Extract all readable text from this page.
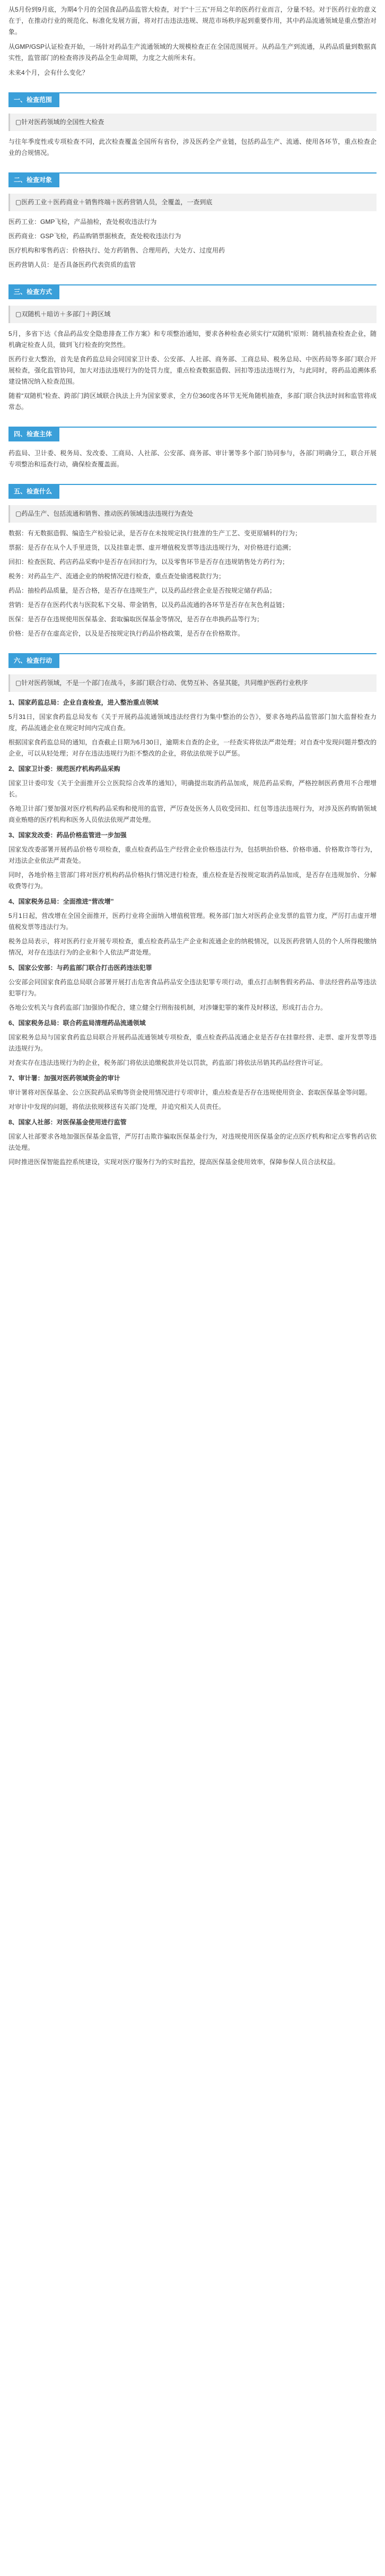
从5月份到9月底，为期4个月的全国食品药品监管大检查，对于“十三五”开局之年的医药行业而言，分量不轻。对于医药行业的意义在于，在推动行业的规范化、标准化发展方面，将对打击违法违规、规范市场秩序起到重要作用，其中药品流通领域是重点整治对象。

从GMP/GSP认证检查开始，一场针对药品生产流通领域的大规模检查正在全国范围展开。从药品生产到流通，从药品质量到数据真实性，监管部门的检查将涉及药品全生命周期，力度之大前所未有。

未来4个月，会有什么变化？

一、检查范围

▢针对医药领域的全国性大检查

与往年季度性或专项检查不同，此次检查覆盖全国所有省份，涉及医药全产业链，包括药品生产、流通、使用各环节，重点检查企业的合规情况。

二、检查对象

▢医药工业＋医药商业＋销售终端＋医药营销人员，全覆盖，一查到底

医药工业：GMP飞检，产品抽检，查处税收违法行为

医药商业：GSP飞检，药品购销票据核查，查处税收违法行为

医疗机构和零售药店：价格执行、处方药销售、合理用药，大处方、过度用药

医药营销人员：是否具备医药代表资质的监管

三、检查方式

▢双随机＋暗访＋多部门＋跨区域

5月，多省下达《食品药品安全隐患排查工作方案》和专项整治通知，要求各种检查必须实行“双随机”原则：随机抽查检查企业，随机确定检查人员，做到飞行检查的突然性。

医药行业大整治，首先是食药监总局会同国家卫计委、公安部、人社部、商务部、工商总局、税务总局、中医药局等多部门联合开展检查，强化监管协同，加大对违法违规行为的处罚力度，重点检查数据造假、回扣等违法违规行为，与此同时，将药品追溯体系建设情况纳入检查范围。

随着“双随机”检查、跨部门跨区域联合执法上升为国家要求，全方位360度各环节无死角随机抽查，多部门联合执法时间和监管将成常态。

四、检查主体

药监局、卫计委、税务局、发改委、工商局、人社部、公安部、商务部、审计署等多个部门协同参与，各部门明确分工，联合开展专项整治和巡查行动，确保检查覆盖面。

五、检查什么

▢药品生产、包括流通和销售、推动医药领域违法违规行为查处

数据：有无数据造假、编造生产检验记录，是否存在未按规定执行批准的生产工艺、变更原辅料的行为；

票据：是否存在从个人手里进货，以及挂靠走票、虚开增值税发票等违法违规行为，对价格进行追溯；

回扣：检查医院、药店药品采购中是否存在回扣行为，以及零售环节是否存在违规销售处方药行为；

税务：对药品生产、流通企业的纳税情况进行检查，重点查处偷逃税款行为；

药品：抽检药品质量，是否合格，是否存在违规生产，以及药品经营企业是否按规定储存药品；

营销：是否存在医药代表与医院私下交易、带金销售，以及药品流通的各环节是否存在灰色利益链；

医保：是否存在违规使用医保基金、套取骗取医保基金等情况，是否存在串换药品等行为；

价格：是否存在虚高定价，以及是否按规定执行药品价格政策，是否存在价格欺诈。

六、检查行动

▢针对医药领域，不是一个部门在战斗，多部门联合行动、优势互补、各显其能，共同维护医药行业秩序

1、国家药监总局：企业自查检查，进入整治重点领域

5月31日，国家食药监总局发布《关于开展药品流通领域违法经营行为集中整治的公告》，要求各地药品监管部门加大监督检查力度，药品流通企业在规定时间内完成自查。

根据国家食药监总局的通知，自查截止日期为6月30日，逾期未自查的企业，一经查实将依法严肃处理；对自查中发现问题并整改的企业，可以从轻处理；对存在违法违规行为拒不整改的企业，将依法依规予以严惩。

2、国家卫计委：规范医疗机构药品采购

国家卫计委印发《关于全面推开公立医院综合改革的通知》，明确提出取消药品加成，规范药品采购，严格控制医药费用不合理增长。

各地卫计部门要加强对医疗机构药品采购和使用的监管，严厉查处医务人员收受回扣、红包等违法违规行为，对涉及医药购销领域商业贿赂的医疗机构和医务人员依法依规严肃处理。

3、国家发改委：药品价格监管进一步加强

国家发改委部署开展药品价格专项检查，重点检查药品生产经营企业价格违法行为，包括哄抬价格、价格串通、价格欺诈等行为，对违法企业依法严肃查处。

同时，各地价格主管部门将对医疗机构药品价格执行情况进行检查，重点检查是否按规定取消药品加成，是否存在违规加价、分解收费等行为。

4、国家税务总局：全面推进“营改增”

5月1日起，营改增在全国全面推开，医药行业将全面纳入增值税管理。税务部门加大对医药企业发票的监管力度，严厉打击虚开增值税发票等违法行为。

税务总局表示，将对医药行业开展专项检查，重点检查药品生产企业和流通企业的纳税情况，以及医药营销人员的个人所得税缴纳情况，对存在违法行为的企业和个人依法严肃处理。

5、国家公安部：与药监部门联合打击医药违法犯罪

公安部会同国家食药监总局联合部署开展打击危害食品药品安全违法犯罪专项行动，重点打击制售假劣药品、非法经营药品等违法犯罪行为。

各地公安机关与食药监部门加强协作配合，建立健全行刑衔接机制，对涉嫌犯罪的案件及时移送，形成打击合力。

6、国家税务总局：联合药监局清理药品流通领域

国家税务总局与国家食药监总局联合开展药品流通领域专项检查，重点检查药品流通企业是否存在挂靠经营、走票、虚开发票等违法违规行为。

对查实存在违法违规行为的企业，税务部门将依法追缴税款并处以罚款，药监部门将依法吊销其药品经营许可证。

7、审计署：加强对医药领域资金的审计

审计署将对医保基金、公立医院药品采购等资金使用情况进行专项审计，重点检查是否存在违规使用资金、套取医保基金等问题。

对审计中发现的问题，将依法依规移送有关部门处理，并追究相关人员责任。

8、国家人社部：对医保基金使用进行监管

国家人社部要求各地加强医保基金监管，严厉打击欺诈骗取医保基金行为，对违规使用医保基金的定点医疗机构和定点零售药店依法处理。

同时推进医保智能监控系统建设，实现对医疗服务行为的实时监控，提高医保基金使用效率，保障参保人员合法权益。
